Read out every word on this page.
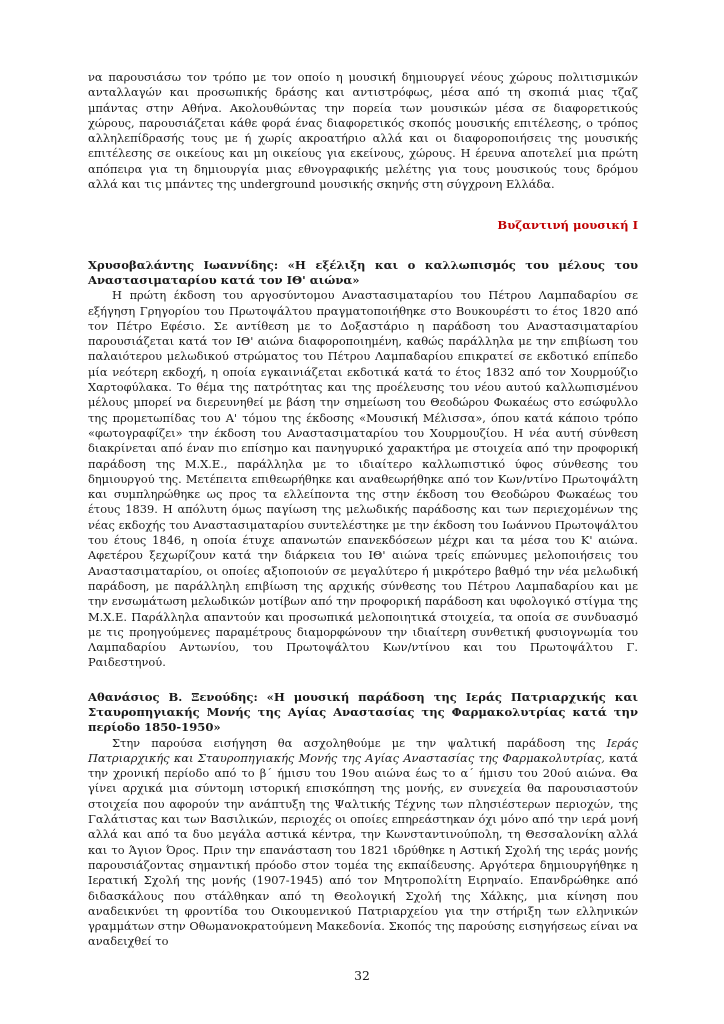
να παρουσιάσω τον τρόπο με τον οποίο η μουσική δημιουργεί νέους χώρους πολιτισμικών ανταλλαγών και προσωπικής δράσης και αντιστρόφως, μέσα από τη σκοπιά μιας τζαζ μπάντας στην Αθήνα. Ακολουθώντας την πορεία των μουσικών μέσα σε διαφορετικούς χώρους, παρουσιάζεται κάθε φορά ένας διαφορετικός σκοπός μουσικής επιτέλεσης, ο τρόπος αλληλεπίδρασής τους με ή χωρίς ακροατήριο αλλά και οι διαφοροποιήσεις της μουσικής επιτέλεσης σε οικείους και μη οικείους για εκείνους, χώρους. Η έρευνα αποτελεί μια πρώτη απόπειρα για τη δημιουργία μιας εθνογραφικής μελέτης για τους μουσικούς τους δρόμου αλλά και τις μπάντες της underground μουσικής σκηνής στη σύγχρονη Ελλάδα.

Βυζαντινή μουσική Ι

Χρυσοβαλάντης Ιωαννίδης: «Η εξέλιξη και ο καλλωπισμός του μέλους του Αναστασιματαρίου κατά τον ΙΘ' αιώνα»

Η πρώτη έκδοση του αργοσύντομου Αναστασιματαρίου του Πέτρου Λαμπαδαρίου σε εξήγηση Γρηγορίου του Πρωτοψάλτου πραγματοποιήθηκε στο Βουκουρέστι το έτος 1820 από τον Πέτρο Εφέσιο. Σε αντίθεση με το Δοξαστάριο η παράδοση του Αναστασιματαρίου παρουσιάζεται κατά τον ΙΘ' αιώνα διαφοροποιημένη, καθώς παράλληλα με την επιβίωση του παλαιότερου μελωδικού στρώματος του Πέτρου Λαμπαδαρίου επικρατεί σε εκδοτικό επίπεδο μία νεότερη εκδοχή, η οποία εγκαινιάζεται εκδοτικά κατά το έτος 1832 από τον Χουρμούζιο Χαρτοφύλακα. Το θέμα της πατρότητας και της προέλευσης του νέου αυτού καλλωπισμένου μέλους μπορεί να διερευνηθεί με βάση την σημείωση του Θεοδώρου Φωκαέως στο εσώφυλλο της προμετωπίδας του Α' τόμου της έκδοσης «Μουσική Μέλισσα», όπου κατά κάποιο τρόπο «φωτογραφίζει» την έκδοση του Αναστασιματαρίου του Χουρμουζίου. Η νέα αυτή σύνθεση διακρίνεται από έναν πιο επίσημο και πανηγυρικό χαρακτήρα με στοιχεία από την προφορική παράδοση της Μ.Χ.Ε., παράλληλα με το ιδιαίτερο καλλωπιστικό ύφος σύνθεσης του δημιουργού της. Μετέπειτα επιθεωρήθηκε και αναθεωρήθηκε από τον Κων/ντίνο Πρωτοψάλτη και συμπληρώθηκε ως προς τα ελλείποντα της στην έκδοση του Θεοδώρου Φωκαέως του έτους 1839. Η απόλυτη όμως παγίωση της μελωδικής παράδοσης και των περιεχομένων της νέας εκδοχής του Αναστασιματαρίου συντελέστηκε με την έκδοση του Ιωάννου Πρωτοψάλτου του έτους 1846, η οποία έτυχε απανωτών επανεκδόσεων μέχρι και τα μέσα του Κ' αιώνα. Αφετέρου ξεχωρίζουν κατά την διάρκεια του ΙΘ' αιώνα τρείς επώνυμες μελοποιήσεις του Αναστασιματαρίου, οι οποίες αξιοποιούν σε μεγαλύτερο ή μικρότερο βαθμό την νέα μελωδική παράδοση, με παράλληλη επιβίωση της αρχικής σύνθεσης του Πέτρου Λαμπαδαρίου και με την ενσωμάτωση μελωδικών μοτίβων από την προφορική παράδοση και υφολογικό στίγμα της Μ.Χ.Ε. Παράλληλα απαντούν και προσωπικά μελοποιητικά στοιχεία, τα οποία σε συνδυασμό με τις προηγούμενες παραμέτρους διαμορφώνουν την ιδιαίτερη συνθετική φυσιογνωμία του Λαμπαδαρίου Αντωνίου, του Πρωτοψάλτου Κων/ντίνου και του Πρωτοψάλτου Γ. Ραιδεστηνού.

Αθανάσιος Β. Ξενούδης: «Η μουσική παράδοση της Ιεράς Πατριαρχικής και Σταυροπηγιακής Μονής της Αγίας Αναστασίας της Φαρμακολυτρίας κατά την περίοδο 1850-1950»

Στην παρούσα εισήγηση θα ασχοληθούμε με την ψαλτική παράδοση της Ιεράς Πατριαρχικής και Σταυροπηγιακής Μονής της Αγίας Αναστασίας της Φαρμακολυτρίας, κατά την χρονική περίοδο από το β΄ ήμισυ του 19ου αιώνα έως το α΄ ήμισυ του 20ού αιώνα. Θα γίνει αρχικά μια σύντομη ιστορική επισκόπηση της μονής, εν συνεχεία θα παρουσιαστούν στοιχεία που αφορούν την ανάπτυξη της Ψαλτικής Τέχνης των πλησιέστερων περιοχών, της Γαλάτιστας και των Βασιλικών, περιοχές οι οποίες επηρεάστηκαν όχι μόνο από την ιερά μονή αλλά και από τα δυο μεγάλα αστικά κέντρα, την Κωνσταντινούπολη, τη Θεσσαλονίκη αλλά και το Άγιον Όρος. Πριν την επανάσταση του 1821 ιδρύθηκε η Αστική Σχολή της ιεράς μονής παρουσιάζοντας σημαντική πρόοδο στον τομέα της εκπαίδευσης. Αργότερα δημιουργήθηκε η Ιερατική Σχολή της μονής (1907-1945) από τον Μητροπολίτη Ειρηναίο. Επανδρώθηκε από διδασκάλους που στάλθηκαν από τη Θεολογική Σχολή της Χάλκης, μια κίνηση που αναδεικνύει τη φροντίδα του Οικουμενικού Πατριαρχείου για την στήριξη των ελληνικών γραμμάτων στην Οθωμανοκρατούμενη Μακεδονία. Σκοπός της παρούσης εισηγήσεως είναι να αναδειχθεί το

32
